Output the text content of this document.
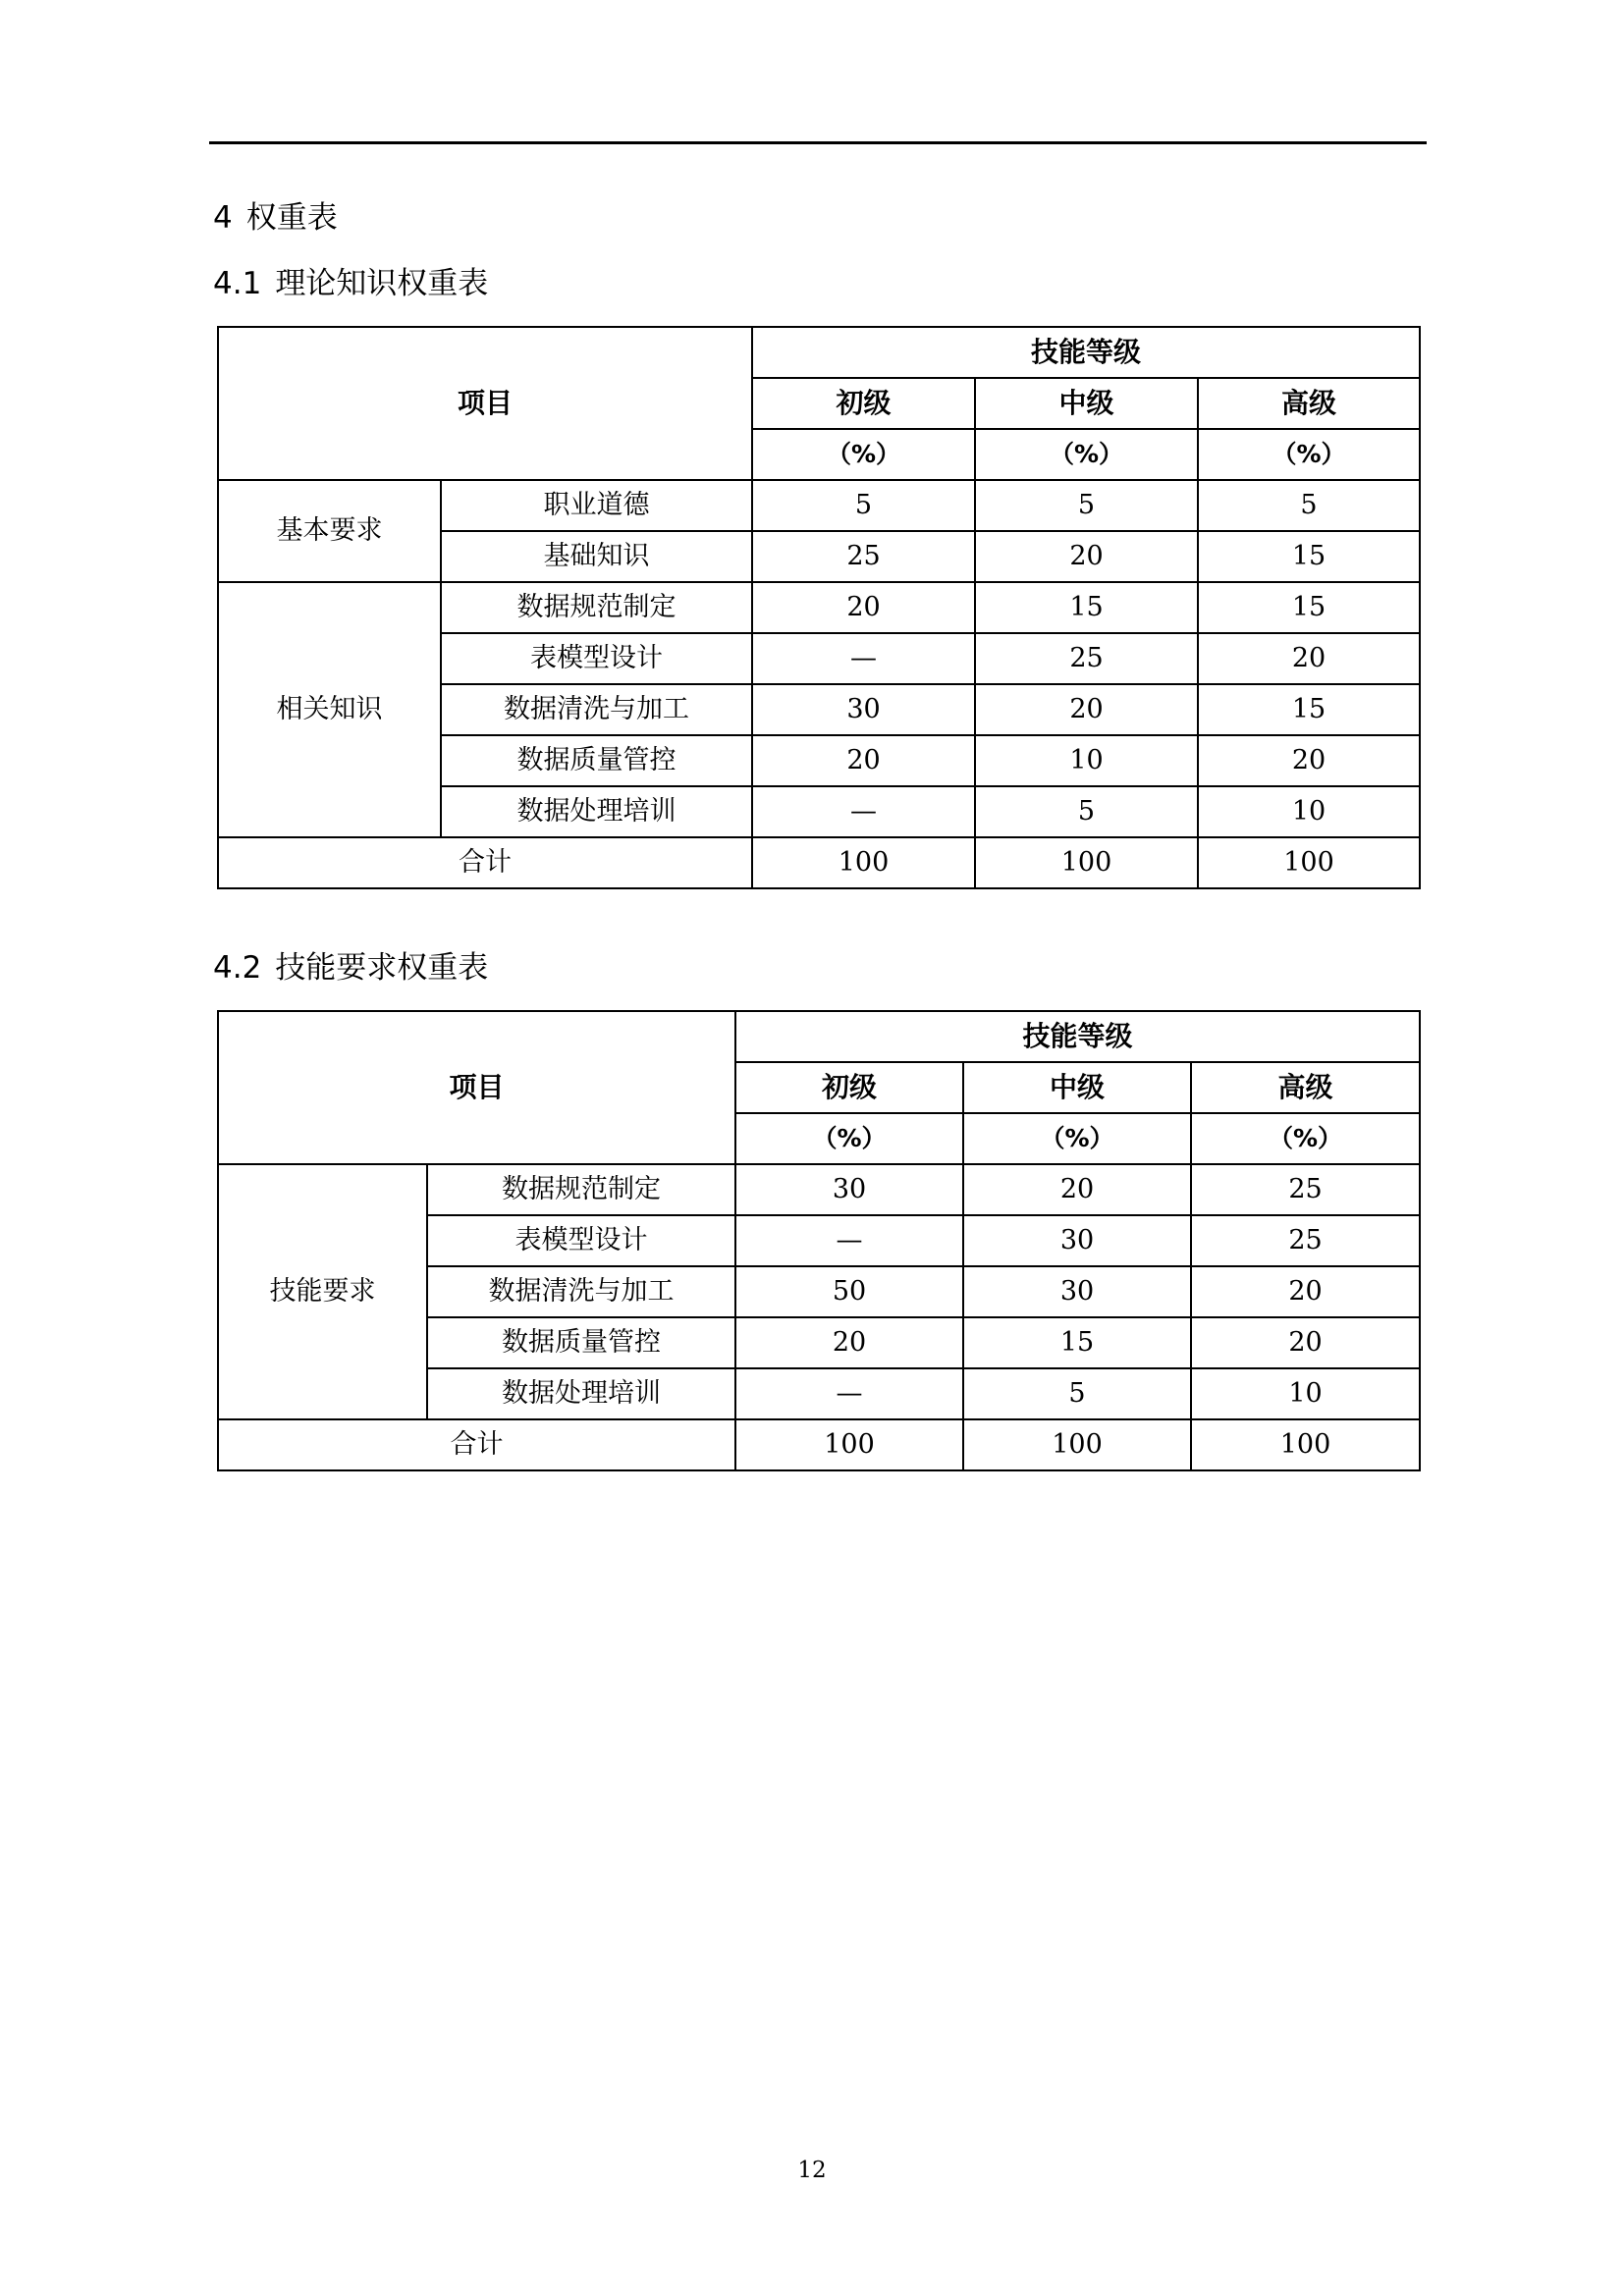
4 权重表
4.1 理论知识权重表
项目		技能等级		
		初级	中级	高级
		（%）	（%）	（%）
基本要求	职业道德	5	5	5
	基础知识	25	20	15
相关知识	数据规范制定	20	15	15
	表模型设计	—	25	20
	数据清洗与加工	30	20	15
	数据质量管控	20	10	20
	数据处理培训	—	5	10
合计		100	100	100
4.2 技能要求权重表
项目		技能等级		
		初级	中级	高级
		（%）	（%）	（%）
技能要求	数据规范制定	30	20	25
	表模型设计	—	30	25
	数据清洗与加工	50	30	20
	数据质量管控	20	15	20
	数据处理培训	—	5	10
合计		100	100	100
12
